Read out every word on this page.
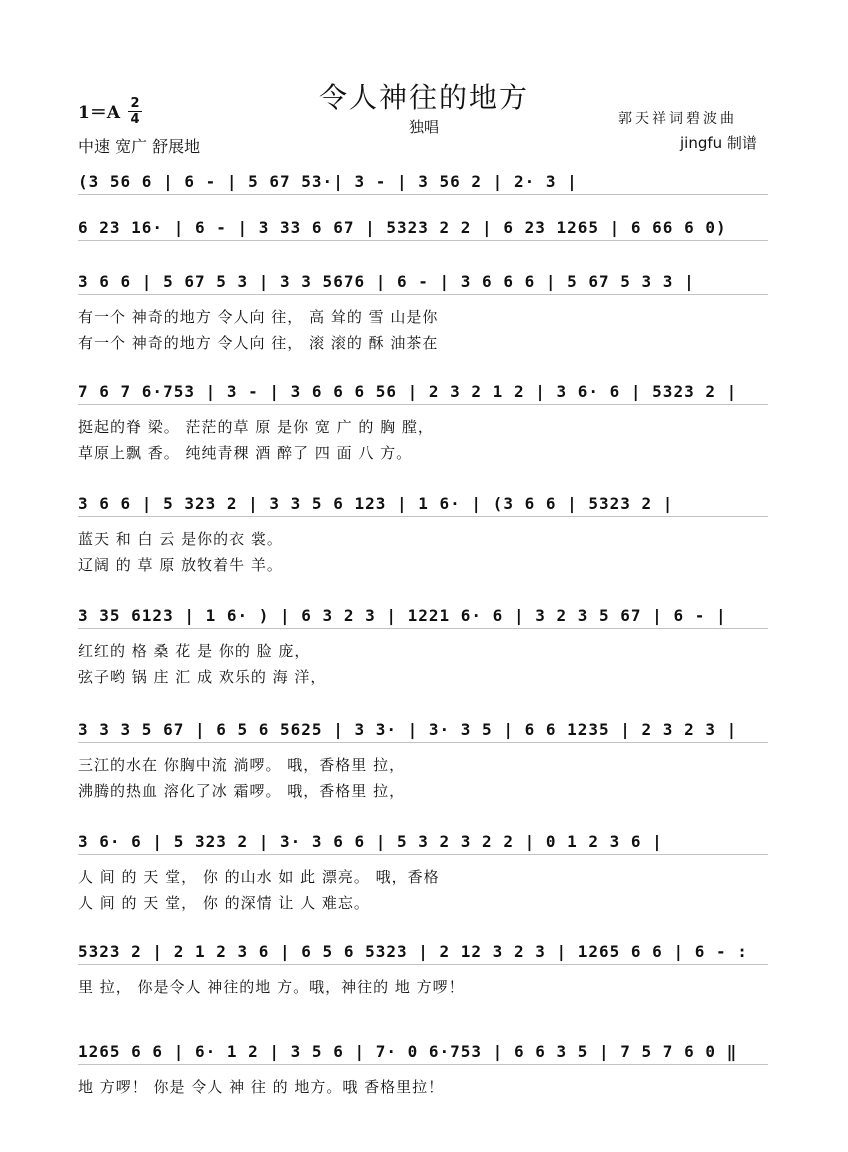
令人神往的地方
独唱
1＝A 2
4
中速 宽广 舒展地
郭天祥词碧波曲
jingfu 制谱
(3 56 6 | 6 - | 5 67 53·| 3 - | 3 56 2 | 2· 3 |
6 23 16· | 6 - | 3 33 6 67 | 5323 2 2 | 6 23 1265 | 6 66 6 0)
3 6 6 | 5 67 5 3 | 3 3 5676 | 6 - | 3 6 6 6 | 5 67 5 3 3 |
有一个 神奇的地方 令人向 往， 高 耸的 雪 山是你
有一个 神奇的地方 令人向 往， 滚 滚的 酥 油茶在
7 6 7 6·753 | 3 - | 3 6 6 6 56 | 2 3 2 1 2 | 3 6· 6 | 5323 2 |
挺起的脊 梁。 茫茫的草 原 是你 宽 广 的 胸 膛，
草原上飘 香。 纯纯青稞 酒 醉了 四 面 八 方。
3 6 6 | 5 323 2 | 3 3 5 6 123 | 1 6· | (3 6 6 | 5323 2 |
蓝天 和 白 云 是你的衣 裳。
辽阔 的 草 原 放牧着牛 羊。
3 35 6123 | 1 6· ) | 6 3 2 3 | 1221 6· 6 | 3 2 3 5 67 | 6 - |
红红的 格 桑 花 是 你的 脸 庞，
弦子哟 锅 庄 汇 成 欢乐的 海 洋，
3 3 3 5 67 | 6 5 6 5625 | 3 3· | 3· 3 5 | 6 6 1235 | 2 3 2 3 |
三江的水在 你胸中流 淌啰。 哦，香格里 拉，
沸腾的热血 溶化了冰 霜啰。 哦，香格里 拉，
3 6· 6 | 5 323 2 | 3· 3 6 6 | 5 3 2 3 2 2 | 0 1 2 3 6 |
人 间 的 天 堂， 你 的山水 如 此 漂亮。 哦，香格
人 间 的 天 堂， 你 的深情 让 人 难忘。
5323 2 | 2 1 2 3 6 | 6 5 6 5323 | 2 12 3 2 3 | 1265 6 6 | 6 - :
里 拉， 你是令人 神往的地 方。哦，神往的 地 方啰！
1265 6 6 | 6· 1 2 | 3 5 6 | 7· 0 6·753 | 6 6 3 5 | 7 5 7 6 0 ‖
地 方啰！ 你是 令人 神 往 的 地方。哦 香格里拉！
